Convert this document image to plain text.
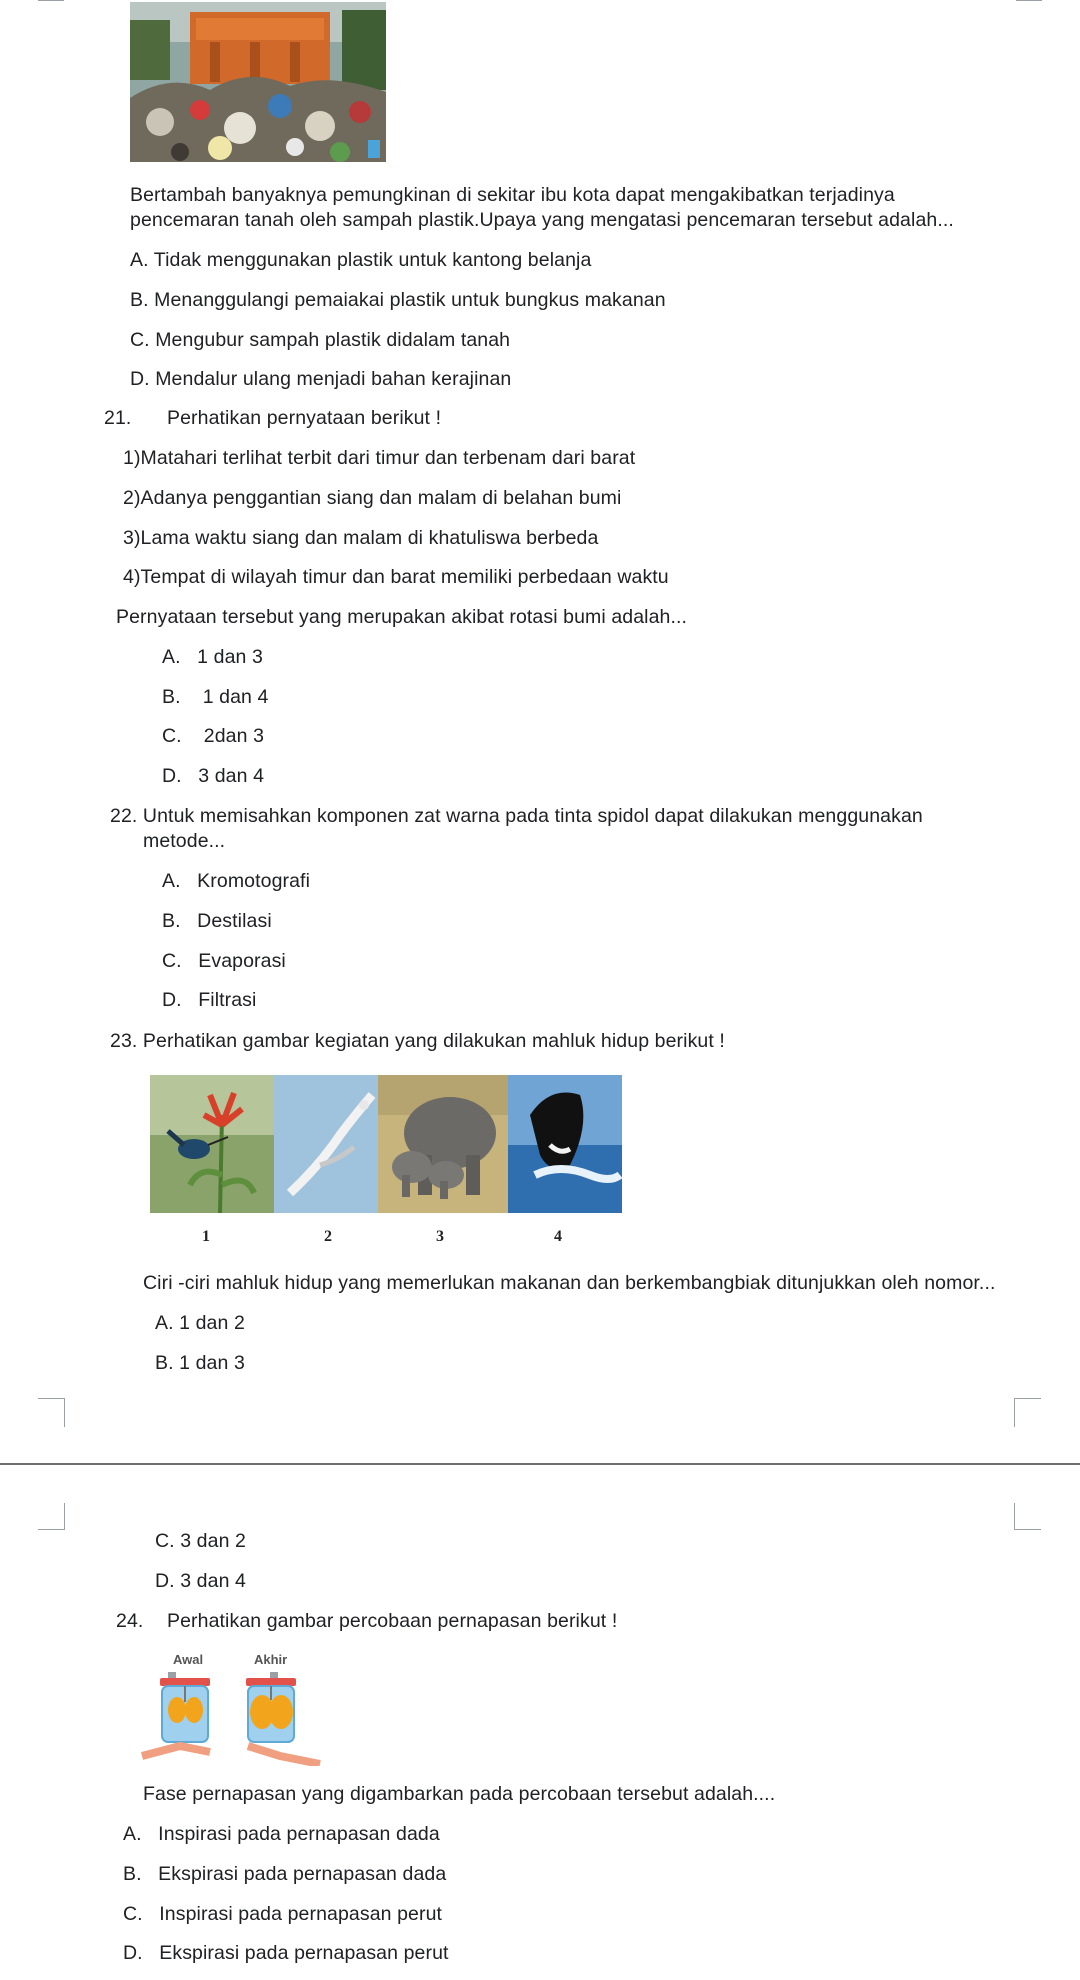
Bertambah banyaknya pemungkinan di sekitar ibu kota dapat mengakibatkan terjadinya
pencemaran tanah oleh sampah plastik.Upaya yang mengatasi pencemaran tersebut adalah...
A. Tidak menggunakan plastik untuk kantong belanja
B. Menanggulangi pemaiakai plastik untuk bungkus makanan
C. Mengubur sampah plastik didalam tanah
D. Mendalur ulang menjadi bahan kerajinan
21. Perhatikan pernyataan berikut !
1)Matahari terlihat terbit dari timur dan terbenam dari barat
2)Adanya penggantian siang dan malam di belahan bumi
3)Lama waktu siang dan malam di khatuliswa berbeda
4)Tempat di wilayah timur dan barat memiliki perbedaan waktu
Pernyataan tersebut yang merupakan akibat rotasi bumi adalah...
A.   1 dan 3
B.    1 dan 4
C.    2dan 3
D.   3 dan 4
22. Untuk memisahkan komponen zat warna pada tinta spidol dapat dilakukan menggunakan
metode...
A.   Kromotografi
B.   Destilasi
C.   Evaporasi
D.   Filtrasi
23. Perhatikan gambar kegiatan yang dilakukan mahluk hidup berikut !
1	2	3	4
Ciri -ciri mahluk hidup yang memerlukan makanan dan berkembangbiak ditunjukkan oleh nomor...
A. 1 dan 2
B. 1 dan 3
C. 3 dan 2
D. 3 dan 4
24. Perhatikan gambar percobaan pernapasan berikut !
Awal	Akhir
Fase pernapasan yang digambarkan pada percobaan tersebut adalah....
A.   Inspirasi pada pernapasan dada
B.   Ekspirasi pada pernapasan dada
C.   Inspirasi pada pernapasan perut
D.   Ekspirasi pada pernapasan perut
